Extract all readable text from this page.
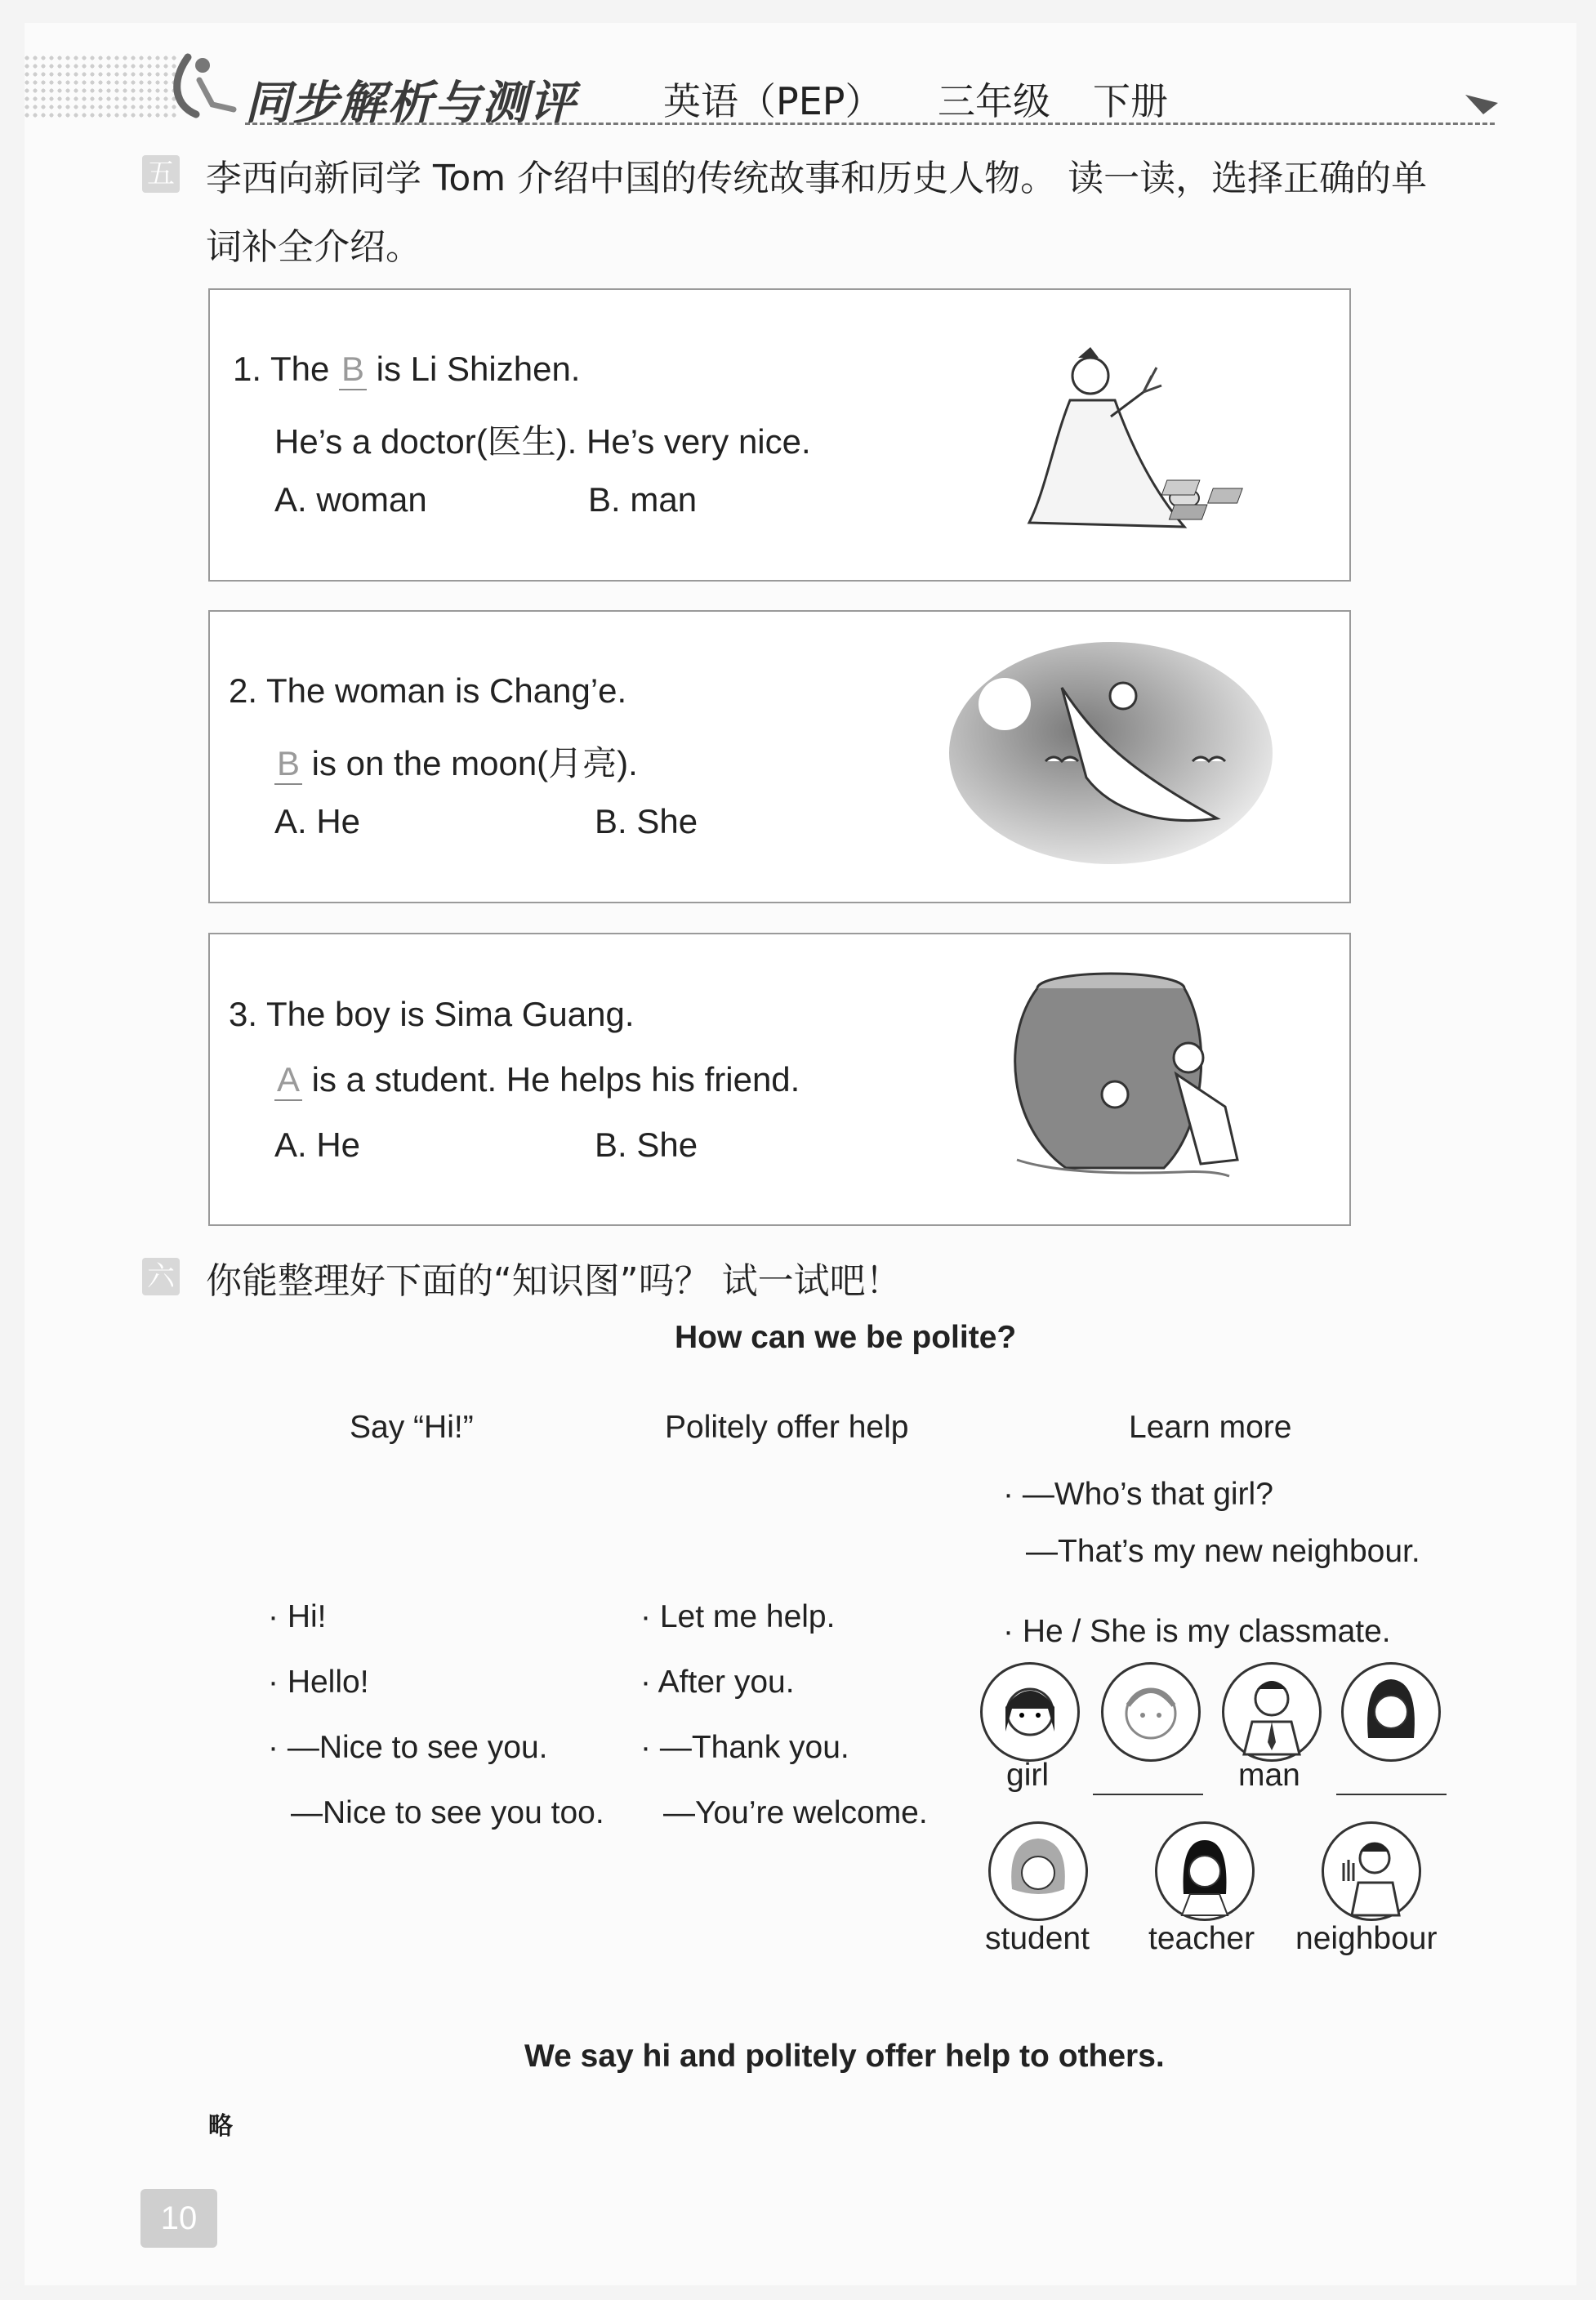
同步解析与测评 英语（PEP） 三年级 下册
五 李西向新同学 Tom 介绍中国的传统故事和历史人物。 读一读，选择正确的单
词补全介绍。
1. The B is Li Shizhen.
He’s a doctor(医生). He’s very nice.
A. woman	B. man
2. The woman is Chang’e.
B is on the moon(月亮).
A. He	B. She
3. The boy is Sima Guang.
A is a student. He helps his friend.
A. He	B. She
六 你能整理好下面的“知识图”吗？ 试一试吧！
How can we be polite?
Say “Hi!”	Politely offer help	Learn more
· Hi!
· Hello!
· —Nice to see you.
—Nice to see you too.
· Let me help.
· After you.
· —Thank you.
—You’re welcome.
· —Who’s that girl?
—That’s my new neighbour.
· He / She is my classmate.
girl	man
student teacher neighbour
We say hi and politely offer help to others.
略
10
